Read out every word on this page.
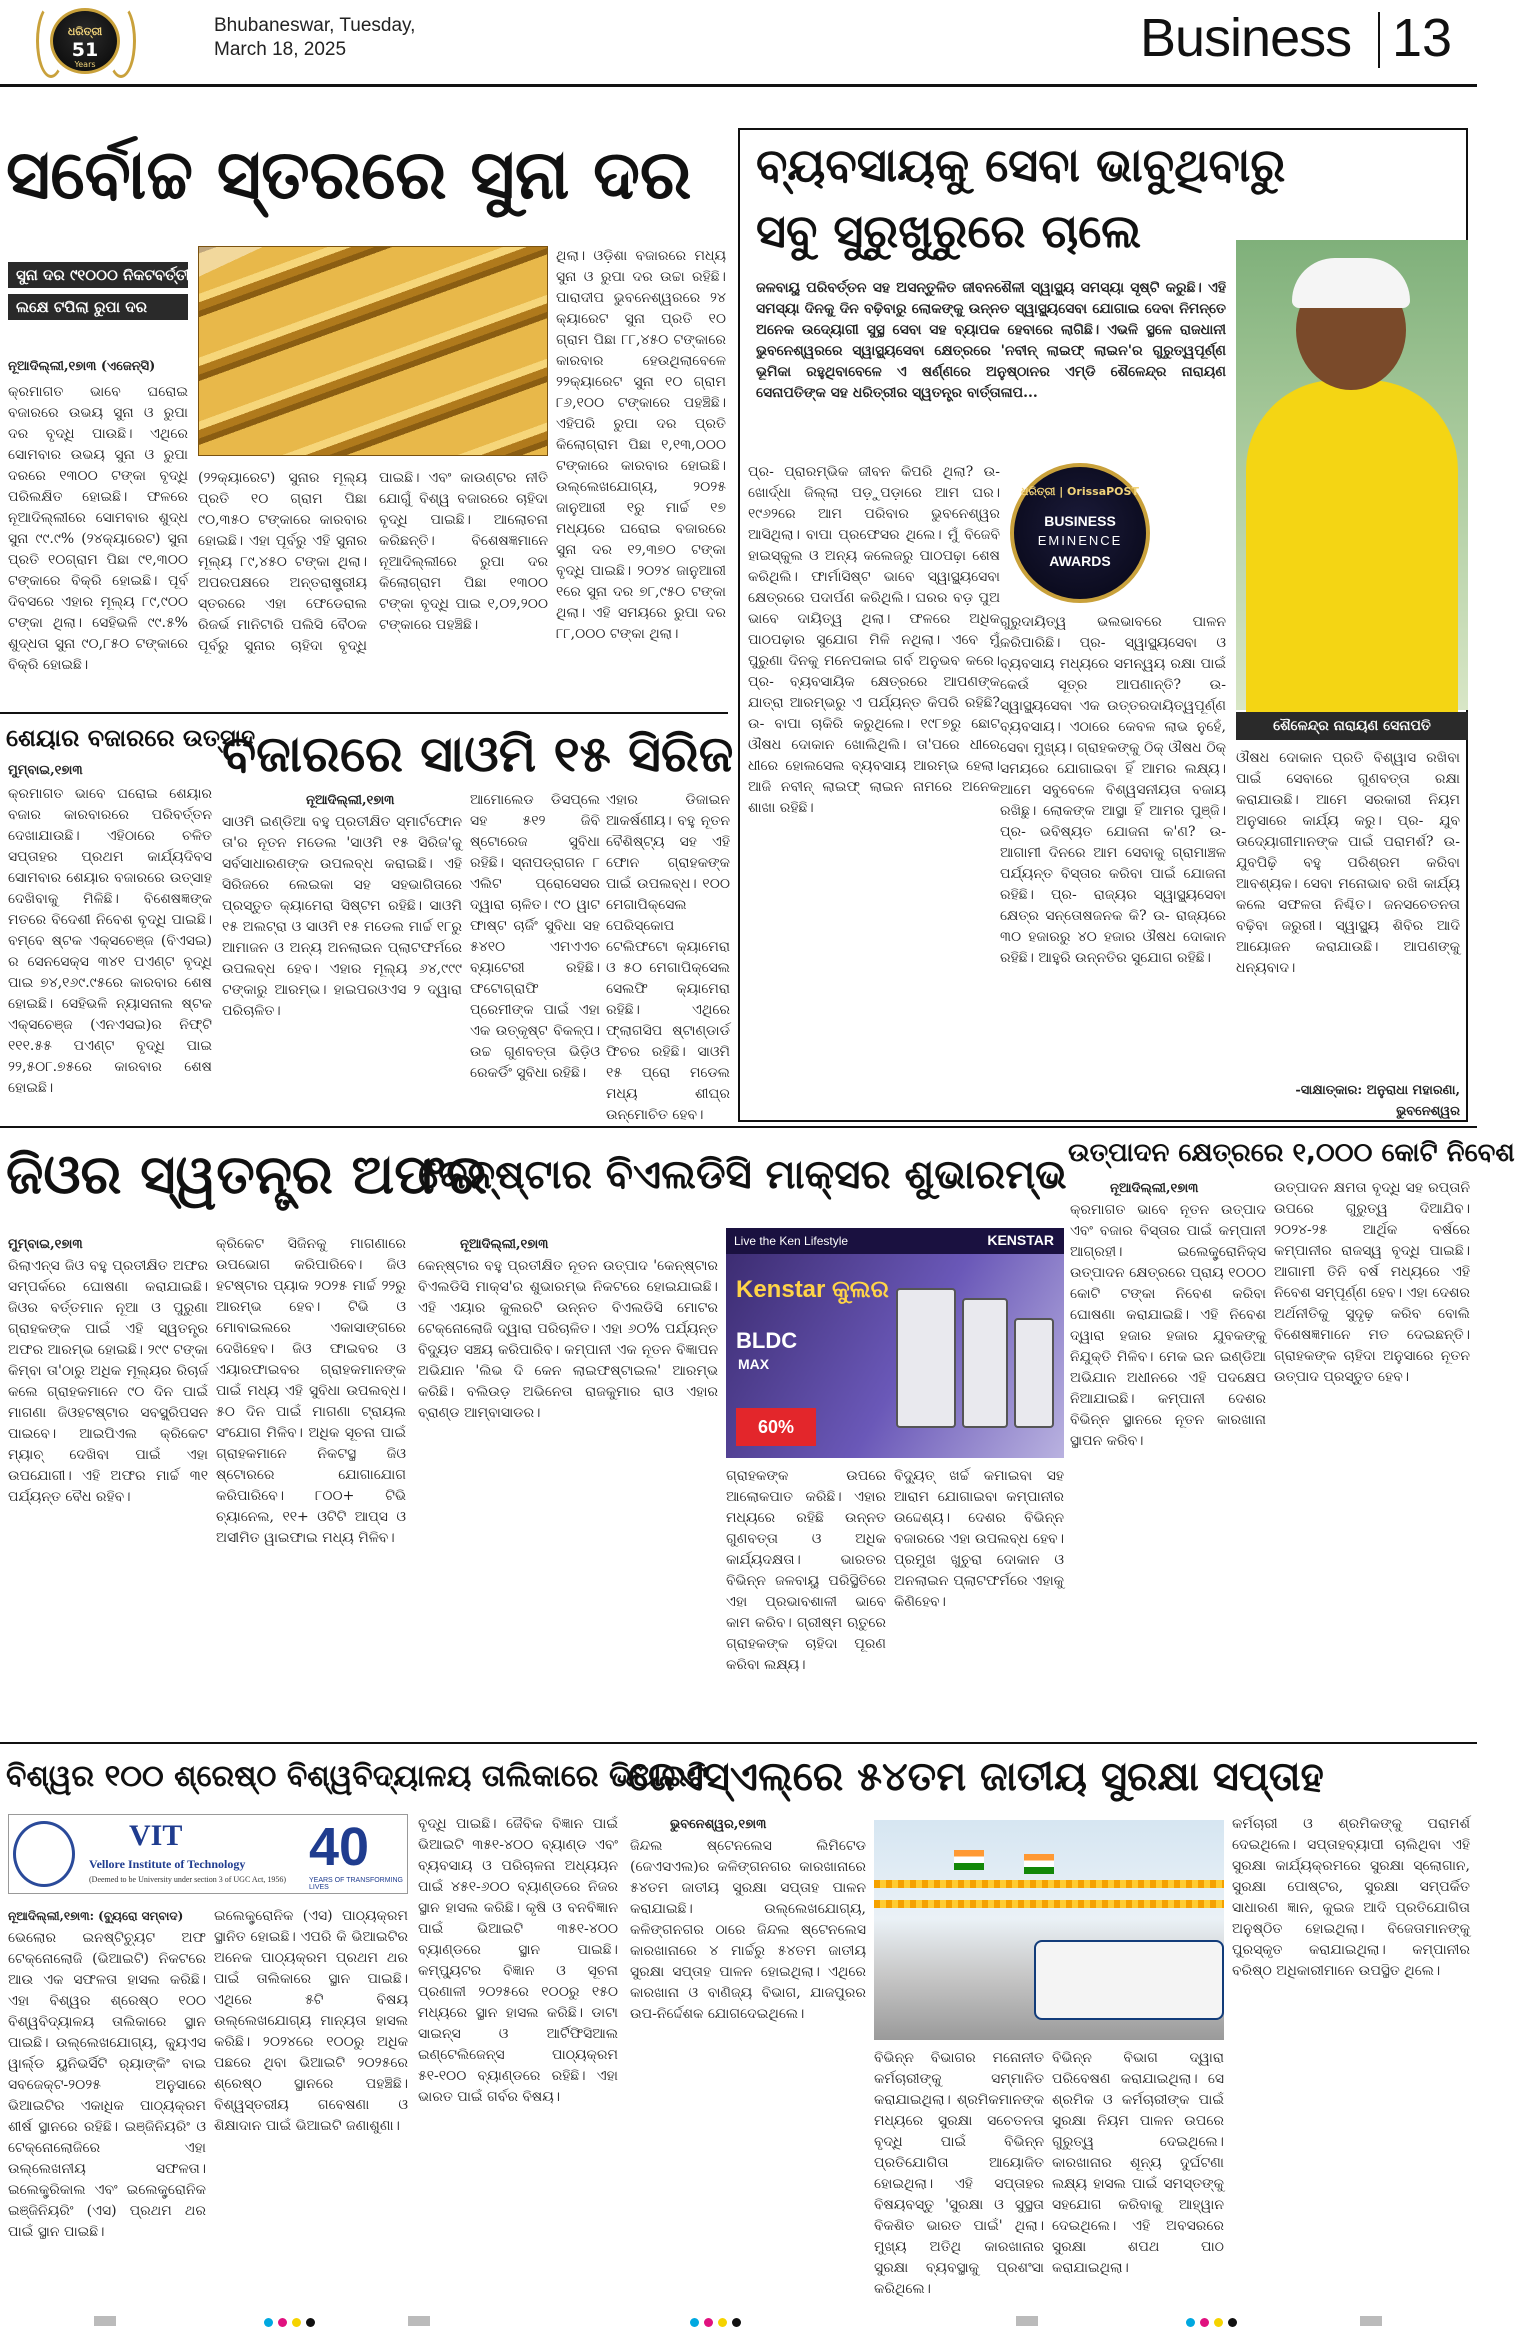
ଧରିତ୍ରୀ
51
Years
Bhubaneswar, Tuesday,
March 18, 2025	Business 13
ସର୍ବୋଚ୍ଚ ସ୍ତରରେ ସୁନା ଦର
ସୁନା ଦର ୯୧୦୦୦ ନିକଟବର୍ତ୍ତୀ
ଲକ୍ଷେ ଟପିଲା ରୁପା ଦର
ନୂଆଦିଲ୍ଲୀ,୧୭ା୩ (ଏଜେନ୍ସି)
କ୍ରମାଗତ ଭାବେ ଘରୋଇ ବଜାରରେ ଉଭୟ ସୁନା ଓ ରୁପା ଦର ବୃଦ୍ଧି ପାଉଛି। ଏଥିରେ ସୋମବାର ଉଭୟ ସୁନା ଓ ରୁପା ଦରରେ ୧୩୦୦ ଟଙ୍କା ବୃଦ୍ଧି ପରିଲକ୍ଷିତ ହୋଇଛି। ଫଳରେ ନୂଆଦିଲ୍ଲୀରେ ସୋମବାର ଶୁଦ୍ଧ ସୁନା ୯୯.୯% (୨୪କ୍ୟାରେଟ) ସୁନା ପ୍ରତି ୧୦ଗ୍ରାମ ପିଛା ୯୧,୩୦୦ ଟଙ୍କାରେ ବିକ୍ରି ହୋଇଛି। ପୂର୍ବ ଦିବସରେ ଏହାର ମୂଲ୍ୟ ୮୯,୯୦୦ ଟଙ୍କା ଥିଲା। ସେହିଭଳି ୯୯.୫% ଶୁଦ୍ଧତା ସୁନା ୯୦,୮୫୦ ଟଙ୍କାରେ ବିକ୍ରି ହୋଇଛି।
(୨୨କ୍ୟାରେଟ) ସୁନାର ମୂଲ୍ୟ ପ୍ରତି ୧୦ ଗ୍ରାମ ପିଛା ୯୦,୩୫୦ ଟଙ୍କାରେ କାରବାର ହୋଇଛି। ଏହା ପୂର୍ବରୁ ଏହି ସୁନାର ମୂଲ୍ୟ ୮୯,୪୫୦ ଟଙ୍କା ଥିଲା। ଅପରପକ୍ଷରେ ଅନ୍ତରାଷ୍ଟ୍ରୀୟ ସ୍ତରରେ ଏହା ଫେଡେରାଲ ରିଜର୍ଭ ମାନିଟାରି ପଲିସି ବୈଠକ ପୂର୍ବରୁ ସୁନାର ଚାହିଦା ବୃଦ୍ଧି ପାଇଛି। ଏବଂ କାଉଣ୍ଟର ନୀତି ଯୋଗୁଁ ବିଶ୍ୱ ବଜାରରେ ଚାହିଦା ବୃଦ୍ଧି ପାଇଛି। ଆଲୋଚନା କରିଛନ୍ତି। ବିଶେଷଜ୍ଞମାନେ ନୂଆଦିଲ୍ଲୀରେ ରୁପା ଦର କିଲୋଗ୍ରାମ ପିଛା ୧୩୦୦ ଟଙ୍କା ବୃଦ୍ଧି ପାଇ ୧,୦୨,୨୦୦ ଟଙ୍କାରେ ପହଞ୍ଚିଛି।
ଥିଲା। ଓଡ଼ିଶା ବଜାରରେ ମଧ୍ୟ ସୁନା ଓ ରୁପା ଦର ଉଚ୍ଚା ରହିଛି। ପାରାଦୀପ ଭୁବନେଶ୍ୱରରେ ୨୪ କ୍ୟାରେଟ ସୁନା ପ୍ରତି ୧୦ ଗ୍ରାମ ପିଛା ୮୮,୪୫୦ ଟଙ୍କାରେ କାରବାର ହେଉଥିଲାବେଳେ ୨୨କ୍ୟାରେଟ ସୁନା ୧୦ ଗ୍ରାମ ୮୬,୧୦୦ ଟଙ୍କାରେ ପହଞ୍ଚିଛି। ଏହିପରି ରୁପା ଦର ପ୍ରତି କିଲୋଗ୍ରାମ ପିଛା ୧,୧୩,୦୦୦ ଟଙ୍କାରେ କାରବାର ହୋଇଛି। ଉଲ୍ଲେଖଯୋଗ୍ୟ, ୨୦୨୫ ଜାନୁଆରୀ ୧ରୁ ମାର୍ଚ୍ଚ ୧୭ ମଧ୍ୟରେ ଘରୋଇ ବଜାରରେ ସୁନା ଦର ୧୨,୩୭୦ ଟଙ୍କା ବୃଦ୍ଧି ପାଇଛି। ୨୦୨୪ ଜାନୁଆରୀ ୧ରେ ସୁନା ଦର ୭୮,୯୫୦ ଟଙ୍କା ଥିଲା। ଏହି ସମୟରେ ରୁପା ଦର ୮୮,୦୦୦ ଟଙ୍କା ଥିଲା।
ବ୍ୟବସାୟକୁ ସେବା ଭାବୁଥିବାରୁ
ସବୁ ସୁରୁଖୁରୁରେ ଚାଲେ
ଜଳବାୟୁ ପରିବର୍ତ୍ତନ ସହ ଅସନ୍ତୁଳିତ ଜୀବନଶୈଳୀ ସ୍ୱାସ୍ଥ୍ୟ ସମସ୍ୟା ସୃଷ୍ଟି କରୁଛି। ଏହି ସମସ୍ୟା ଦିନକୁ ଦିନ ବଢ଼ିବାରୁ ଲୋକଙ୍କୁ ଉନ୍ନତ ସ୍ୱାସ୍ଥ୍ୟସେବା ଯୋଗାଇ ଦେବା ନିମନ୍ତେ ଅନେକ ଉଦ୍ୟୋଗୀ ସୁସ୍ଥ ସେବା ସହ ବ୍ୟାପକ ହେବାରେ ଲାଗିଛି। ଏଭଳି ସ୍ଥଳେ ରାଜଧାନୀ ଭୁବନେଶ୍ୱରରେ ସ୍ୱାସ୍ଥ୍ୟସେବା କ୍ଷେତ୍ରରେ 'ନବୀନ୍ ଲାଇଫ୍ ଲାଇନ'ର ଗୁରୁତ୍ୱପୂର୍ଣ୍ଣ ଭୂମିକା ରହୁଥିବାବେଳେ ଏ ଷର୍ଣ୍ଣରେ ଅନୁଷ୍ଠାନର ଏମ୍‌ଡି ଶୈଳେନ୍ଦ୍ର ନାରାୟଣ ସେନାପତିଙ୍କ ସହ ଧରିତ୍ରୀର ସ୍ୱତନ୍ତ୍ର ବାର୍ତ୍ତାଳାପ...
ଶୈଳେନ୍ଦ୍ର ନାରାୟଣ ସେନାପତି
ଧରିତ୍ରୀ | OrissaPOST
BUSINESS
EMINENCE
AWARDS
ପ୍ର- ପ୍ରାରମ୍ଭିକ ଜୀବନ କିପରି ଥିଲା? ଉ- ଖୋର୍ଦ୍ଧା ଜିଲ୍ଲା ପଡ଼ୁପଡ଼ାରେ ଆମ ଘର। ୧୯୬୨ରେ ଆମ ପରିବାର ଭୁବନେଶ୍ୱର ଆସିଥିଲା। ବାପା ପ୍ରଫେସର ଥିଲେ। ମୁଁ ବିଜେବି ହାଇସ୍କୁଲ ଓ ଅନ୍ୟ କଲେଜରୁ ପାଠପଢ଼ା ଶେଷ କରିଥିଲି। ଫାର୍ମାସିଷ୍ଟ ଭାବେ ସ୍ୱାସ୍ଥ୍ୟସେବା କ୍ଷେତ୍ରରେ ପଦାର୍ପଣ କରିଥିଲି। ଘରର ବଡ଼ ପୁଅ ଭାବେ ଦାୟିତ୍ୱ ଥିଲା। ଫଳରେ ଅଧିକ ପାଠପଢ଼ାର ସୁଯୋଗ ମିଳି ନଥିଲା। ଏବେ ମୁଁ ପୁରୁଣା ଦିନକୁ ମନେପକାଇ ଗର୍ବ ଅନୁଭବ କରେ। ପ୍ର- ବ୍ୟବସାୟିକ କ୍ଷେତ୍ରରେ ଆପଣଙ୍କ ଯାତ୍ରା ଆରମ୍ଭରୁ ଏ ପର୍ଯ୍ୟନ୍ତ କିପରି ରହିଛି? ଉ- ବାପା ଚାକିରି କରୁଥିଲେ। ୧୯୮୭ରୁ ଛୋଟ ଔଷଧ ଦୋକାନ ଖୋଲିଥିଲି। ତା'ପରେ ଧୀରେ ଧୀରେ ହୋଲସେଲ ବ୍ୟବସାୟ ଆରମ୍ଭ ହେଲା। ଆଜି ନବୀନ୍ ଲାଇଫ୍ ଲାଇନ ନାମରେ ଅନେକ ଶାଖା ରହିଛି।
ଗୁରୁଦାୟିତ୍ୱ ଭଲଭାବରେ ପାଳନ କରିପାରିଛି। ପ୍ର- ସ୍ୱାସ୍ଥ୍ୟସେବା ଓ ବ୍ୟବସାୟ ମଧ୍ୟରେ ସମନ୍ୱୟ ରକ୍ଷା ପାଇଁ କେଉଁ ସୂତ୍ର ଆପଣାନ୍ତି? ଉ- ସ୍ୱାସ୍ଥ୍ୟସେବା ଏକ ଉତ୍ତରଦାୟିତ୍ୱପୂର୍ଣ୍ଣ ବ୍ୟବସାୟ। ଏଠାରେ କେବଳ ଲାଭ ନୁହେଁ, ସେବା ମୁଖ୍ୟ। ଗ୍ରାହକଙ୍କୁ ଠିକ୍ ଔଷଧ ଠିକ୍ ସମୟରେ ଯୋଗାଇବା ହିଁ ଆମର ଲକ୍ଷ୍ୟ। ଆମେ ସବୁବେଳେ ବିଶ୍ୱସନୀୟତା ବଜାୟ ରଖିଛୁ। ଲୋକଙ୍କ ଆସ୍ଥା ହିଁ ଆମର ପୁଞ୍ଜି। ପ୍ର- ଭବିଷ୍ୟତ ଯୋଜନା କ'ଣ? ଉ- ଆଗାମୀ ଦିନରେ ଆମ ସେବାକୁ ଗ୍ରାମାଞ୍ଚଳ ପର୍ଯ୍ୟନ୍ତ ବିସ୍ତାର କରିବା ପାଇଁ ଯୋଜନା ରହିଛି। ପ୍ର- ରାଜ୍ୟର ସ୍ୱାସ୍ଥ୍ୟସେବା କ୍ଷେତ୍ର ସନ୍ତୋଷଜନକ କି? ଉ- ରାଜ୍ୟରେ ୩୦ ହଜାରରୁ ୪୦ ହଜାର ଔଷଧ ଦୋକାନ ରହିଛି। ଆହୁରି ଉନ୍ନତିର ସୁଯୋଗ ରହିଛି।
ଔଷଧ ଦୋକାନ ପ୍ରତି ବିଶ୍ୱାସ ରଖିବା ପାଇଁ ସେବାରେ ଗୁଣବତ୍ତା ରକ୍ଷା କରାଯାଉଛି। ଆମେ ସରକାରୀ ନିୟମ ଅନୁସାରେ କାର୍ଯ୍ୟ କରୁ। ପ୍ର- ଯୁବ ଉଦ୍ୟୋଗୀମାନଙ୍କ ପାଇଁ ପରାମର୍ଶ? ଉ- ଯୁବପିଢ଼ି ବହୁ ପରିଶ୍ରମ କରିବା ଆବଶ୍ୟକ। ସେବା ମନୋଭାବ ରଖି କାର୍ଯ୍ୟ କଲେ ସଫଳତା ନିଶ୍ଚିତ। ଜନସଚେତନତା ବଢ଼ିବା ଜରୁରୀ। ସ୍ୱାସ୍ଥ୍ୟ ଶିବିର ଆଦି ଆୟୋଜନ କରାଯାଉଛି। ଆପଣଙ୍କୁ ଧନ୍ୟବାଦ।
-ସାକ୍ଷାତ୍‌କାର: ଅନୁରାଧା ମହାରଣା, ଭୁବନେଶ୍ୱର
ଶେୟାର ବଜାରରେ ଉତ୍ସାହ
ମୁମ୍ବାଇ,୧୭ା୩
କ୍ରମାଗତ ଭାବେ ଘରୋଇ ଶେୟାର ବଜାର କାରବାରରେ ପରିବର୍ତ୍ତନ ଦେଖାଯାଉଛି। ଏହିଠାରେ ଚଳିତ ସପ୍ତାହର ପ୍ରଥମ କାର୍ଯ୍ୟଦିବସ ସୋମବାର ଶେୟାର ବଜାରରେ ଉତ୍ସାହ ଦେଖିବାକୁ ମିଳିଛି। ବିଶେଷଜ୍ଞଙ୍କ ମତରେ ବିଦେଶୀ ନିବେଶ ବୃଦ୍ଧି ପାଇଛି। ବମ୍ବେ ଷ୍ଟକ ଏକ୍ସଚେଞ୍ଜ (ବିଏସଇ) ର ସେନସେକ୍ସ ୩୪୧ ପଏଣ୍ଟ ବୃଦ୍ଧି ପାଇ ୭୪,୧୬୯.୯୫ରେ କାରବାର ଶେଷ ହୋଇଛି। ସେହିଭଳି ନ୍ୟାସନାଲ ଷ୍ଟକ ଏକ୍ସଚେଞ୍ଜ (ଏନଏସଇ)ର ନିଫ୍ଟି ୧୧୧.୫୫ ପଏଣ୍ଟ ବୃଦ୍ଧି ପାଇ ୨୨,୫୦୮.୭୫ରେ କାରବାର ଶେଷ ହୋଇଛି।
ବଜାରରେ ସାଓମି ୧୫ ସିରିଜ
ନୂଆଦିଲ୍ଲୀ,୧୭ା୩
ସାଓମି ଇଣ୍ଡିଆ ବହୁ ପ୍ରତୀକ୍ଷିତ ସ୍ମାର୍ଟଫୋନ ତା'ର ନୂତନ ମଡେଲ 'ସାଓମି ୧୫ ସିରିଜ'କୁ ସର୍ବସାଧାରଣଙ୍କ ଉପଲବ୍ଧ କରାଇଛି। ଏହି ସିରିଜରେ ଲେଇକା ସହ ସହଭାଗିତାରେ ପ୍ରସ୍ତୁତ କ୍ୟାମେରା ସିଷ୍ଟମ ରହିଛି। ସାଓମି ୧୫ ଅଲଟ୍ରା ଓ ସାଓମି ୧୫ ମଡେଲ ମାର୍ଚ୍ଚ ୧୮ରୁ ଆମାଜନ ଓ ଅନ୍ୟ ଅନଲାଇନ ପ୍ଲାଟଫର୍ମରେ ଉପଲବ୍ଧ ହେବ। ଏହାର ମୂଲ୍ୟ ୬୪,୯୯୯ ଟଙ୍କାରୁ ଆରମ୍ଭ। ହାଇପରଓଏସ ୨ ଦ୍ୱାରା ପରିଚାଳିତ।
ଆମୋଲେଡ ଡିସପ୍ଲେ ସହ ୫୧୨ ଜିବି ଷ୍ଟୋରେଜ ସୁବିଧା ରହିଛି। ସ୍ନାପଡ୍ରାଗନ ୮ ଏଲିଟ ପ୍ରୋସେସର ଦ୍ୱାରା ଚାଳିତ। ୯୦ ୱାଟ ଫାଷ୍ଟ ଚାର୍ଜିଂ ସୁବିଧା ସହ ୫୪୧୦ ଏମଏଏଚ ବ୍ୟାଟେରୀ ରହିଛି। ଫଟୋଗ୍ରାଫି ପ୍ରେମୀଙ୍କ ପାଇଁ ଏହା ଏକ ଉତ୍କୃଷ୍ଟ ବିକଳ୍ପ। ଉଚ୍ଚ ଗୁଣବତ୍ତା ଭିଡ଼ିଓ ରେକର୍ଡିଂ ସୁବିଧା ରହିଛି।
ଏହାର ଡିଜାଇନ ଆକର୍ଷଣୀୟ। ବହୁ ନୂତନ ବୈଶିଷ୍ଟ୍ୟ ସହ ଏହି ଫୋନ ଗ୍ରାହକଙ୍କ ପାଇଁ ଉପଲବ୍ଧ। ୧୦୦ ମେଗାପିକ୍ସେଲ ପେରିସ୍କୋପ ଟେଲିଫଟୋ କ୍ୟାମେରା ଓ ୫୦ ମେଗାପିକ୍ସେଲ ସେଲଫି କ୍ୟାମେରା ରହିଛି। ଏଥିରେ ଫ୍ଲାଗସିପ ଷ୍ଟାଣ୍ଡାର୍ଡ ଫିଚର ରହିଛି। ସାଓମି ୧୫ ପ୍ରୋ ମଡେଲ ମଧ୍ୟ ଶୀଘ୍ର ଉନ୍ମୋଚିତ ହେବ।
ଜିଓର ସ୍ୱତନ୍ତ୍ର ଅଫର
ମୁମ୍ବାଇ,୧୭ା୩
ରିଲାଏନ୍ସ ଜିଓ ବହୁ ପ୍ରତୀକ୍ଷିତ ଅଫର ସମ୍ପର୍କରେ ଘୋଷଣା କରାଯାଇଛି। ଜିଓର ବର୍ତ୍ତମାନ ନୂଆ ଓ ପୁରୁଣା ଗ୍ରାହକଙ୍କ ପାଇଁ ଏହି ସ୍ୱତନ୍ତ୍ର ଅଫର ଆରମ୍ଭ ହୋଇଛି। ୨୯୯ ଟଙ୍କା କିମ୍ବା ତା'ଠାରୁ ଅଧିକ ମୂଲ୍ୟର ରିଚାର୍ଜ କଲେ ଗ୍ରାହକମାନେ ୯୦ ଦିନ ପାଇଁ ମାଗଣା ଜିଓହଟଷ୍ଟାର ସବସ୍କ୍ରିପସନ ପାଇବେ। ଆଇପିଏଲ କ୍ରିକେଟ ମ୍ୟାଚ୍ ଦେଖିବା ପାଇଁ ଏହା ଉପଯୋଗୀ। ଏହି ଅଫର ମାର୍ଚ୍ଚ ୩୧ ପର୍ଯ୍ୟନ୍ତ ବୈଧ ରହିବ।
କ୍ରିକେଟ ସିଜିନକୁ ମାଗଣାରେ ଉପଭୋଗ କରିପାରିବେ। ଜିଓ ହଟଷ୍ଟାର ପ୍ୟାକ ୨୦୨୫ ମାର୍ଚ୍ଚ ୨୨ରୁ ଆରମ୍ଭ ହେବ। ଟିଭି ଓ ମୋବାଇଲରେ ଏକାସାଙ୍ଗରେ ଦେଖିହେବ। ଜିଓ ଫାଇବର ଓ ଏୟାରଫାଇବର ଗ୍ରାହକମାନଙ୍କ ପାଇଁ ମଧ୍ୟ ଏହି ସୁବିଧା ଉପଲବ୍ଧ। ୫୦ ଦିନ ପାଇଁ ମାଗଣା ଟ୍ରାୟଲ ସଂଯୋଗ ମିଳିବ। ଅଧିକ ସୂଚନା ପାଇଁ ଗ୍ରାହକମାନେ ନିକଟସ୍ଥ ଜିଓ ଷ୍ଟୋରରେ ଯୋଗାଯୋଗ କରିପାରିବେ। ୮୦୦+ ଟିଭି ଚ୍ୟାନେଲ, ୧୧+ ଓଟିଟି ଆପ୍ସ ଓ ଅସୀମିତ ୱାଇଫାଇ ମଧ୍ୟ ମିଳିବ।
କେନ୍‌ଷ୍ଟାର ବିଏଲଡିସି ମାକ୍ସର ଶୁଭାରମ୍ଭ
ନୂଆଦିଲ୍ଲୀ,୧୭ା୩
କେନ୍‌ଷ୍ଟାର ବହୁ ପ୍ରତୀକ୍ଷିତ ନୂତନ ଉତ୍ପାଦ 'କେନ୍‌ଷ୍ଟାର ବିଏଲଡିସି ମାକ୍ସ'ର ଶୁଭାରମ୍ଭ ନିକଟରେ ହୋଇଯାଇଛି। ଏହି ଏୟାର କୁଲରଟି ଉନ୍ନତ ବିଏଲଡିସି ମୋଟର ଟେକ୍ନୋଲୋଜି ଦ୍ୱାରା ପରିଚାଳିତ। ଏହା ୬୦% ପର୍ଯ୍ୟନ୍ତ ବିଦ୍ୟୁତ ସଞ୍ଚୟ କରିପାରିବ। କମ୍ପାନୀ ଏକ ନୂତନ ବିଜ୍ଞାପନ ଅଭିଯାନ 'ଲିଭ ଦି କେନ ଲାଇଫଷ୍ଟାଇଲ' ଆରମ୍ଭ କରିଛି। ବଲିଉଡ଼ ଅଭିନେତା ରାଜକୁମାର ରାଓ ଏହାର ବ୍ରାଣ୍ଡ ଆମ୍ବାସାଡର।
Live the Ken Lifestyle	KENSTAR
Kenstar କୁଲର
BLDC
MAX
60%
ଗ୍ରାହକଙ୍କ ଉପରେ ଆଲୋକପାତ କରିଛି। ଏହାର ମଧ୍ୟରେ ରହିଛି ଉନ୍ନତ ଗୁଣବତ୍ତା ଓ ଅଧିକ କାର୍ଯ୍ୟଦକ୍ଷତା। ଭାରତର ବିଭିନ୍ନ ଜଳବାୟୁ ପରିସ୍ଥିତିରେ ଏହା ପ୍ରଭାବଶାଳୀ ଭାବେ କାମ କରିବ। ଗ୍ରୀଷ୍ମ ଋତୁରେ ଗ୍ରାହକଙ୍କ ଚାହିଦା ପୂରଣ କରିବା ଲକ୍ଷ୍ୟ।
ବିଦ୍ୟୁତ୍ ଖର୍ଚ୍ଚ କମାଇବା ସହ ଆରାମ ଯୋଗାଇବା କମ୍ପାନୀର ଉଦ୍ଦେଶ୍ୟ। ଦେଶର ବିଭିନ୍ନ ବଜାରରେ ଏହା ଉପଲବ୍ଧ ହେବ। ପ୍ରମୁଖ ଖୁଚୁରା ଦୋକାନ ଓ ଅନଲାଇନ ପ୍ଲାଟଫର୍ମରେ ଏହାକୁ କିଣିହେବ।
ଉତ୍ପାଦନ କ୍ଷେତ୍ରରେ ୧,୦୦୦ କୋଟି ନିବେଶ
ନୂଆଦିଲ୍ଲୀ,୧୭ା୩
କ୍ରମାଗତ ଭାବେ ନୂତନ ଉତ୍ପାଦ ଏବଂ ବଜାର ବିସ୍ତାର ପାଇଁ କମ୍ପାନୀ ଆଗ୍ରହୀ। ଇଲେକ୍ଟ୍ରୋନିକ୍ସ ଉତ୍ପାଦନ କ୍ଷେତ୍ରରେ ପ୍ରାୟ ୧୦୦୦ କୋଟି ଟଙ୍କା ନିବେଶ କରିବା ଘୋଷଣା କରାଯାଇଛି। ଏହି ନିବେଶ ଦ୍ୱାରା ହଜାର ହଜାର ଯୁବକଙ୍କୁ ନିଯୁକ୍ତି ମିଳିବ। ମେକ ଇନ ଇଣ୍ଡିଆ ଅଭିଯାନ ଅଧୀନରେ ଏହି ପଦକ୍ଷେପ ନିଆଯାଇଛି। କମ୍ପାନୀ ଦେଶର ବିଭିନ୍ନ ସ୍ଥାନରେ ନୂତନ କାରଖାନା ସ୍ଥାପନ କରିବ।
ଉତ୍ପାଦନ କ୍ଷମତା ବୃଦ୍ଧି ସହ ରପ୍ତାନି ଉପରେ ଗୁରୁତ୍ୱ ଦିଆଯିବ। ୨୦୨୪-୨୫ ଆର୍ଥିକ ବର୍ଷରେ କମ୍ପାନୀର ରାଜସ୍ୱ ବୃଦ୍ଧି ପାଇଛି। ଆଗାମୀ ତିନି ବର୍ଷ ମଧ୍ୟରେ ଏହି ନିବେଶ ସମ୍ପୂର୍ଣ୍ଣ ହେବ। ଏହା ଦେଶର ଅର୍ଥନୀତିକୁ ସୁଦୃଢ଼ କରିବ ବୋଲି ବିଶେଷଜ୍ଞମାନେ ମତ ଦେଇଛନ୍ତି। ଗ୍ରାହକଙ୍କ ଚାହିଦା ଅନୁସାରେ ନୂତନ ଉତ୍ପାଦ ପ୍ରସ୍ତୁତ ହେବ।
ବିଶ୍ୱର ୧୦୦ ଶ୍ରେଷ୍ଠ ବିଶ୍ୱବିଦ୍ୟାଳୟ ତାଲିକାରେ ଭିଆଇଟି
VIT
Vellore Institute of Technology
(Deemed to be University under section 3 of UGC Act, 1956)
40
YEARS OF TRANSFORMING LIVES
ନୂଆଦିଲ୍ଲୀ,୧୭ା୩: (ବ୍ୟୁରୋ ସମ୍ବାଦ)
ଭେଲୋର ଇନଷ୍ଟିଚ୍ୟୁଟ ଅଫ ଟେକ୍ନୋଲୋଜି (ଭିଆଇଟି) ନିକଟରେ ଆଉ ଏକ ସଫଳତା ହାସଲ କରିଛି। ଏହା ବିଶ୍ୱର ଶ୍ରେଷ୍ଠ ୧୦୦ ବିଶ୍ୱବିଦ୍ୟାଳୟ ତାଲିକାରେ ସ୍ଥାନ ପାଇଛି। ଉଲ୍ଲେଖଯୋଗ୍ୟ, କ୍ୟୁଏସ ୱାର୍ଲ୍ଡ ୟୁନିଭର୍ସିଟି ର‍୍ୟାଙ୍କିଂ ବାଇ ସବଜେକ୍ଟ-୨୦୨୫ ଅନୁସାରେ ଭିଆଇଟିର ଏକାଧିକ ପାଠ୍ୟକ୍ରମ ଶୀର୍ଷ ସ୍ଥାନରେ ରହିଛି। ଇଞ୍ଜିନିୟରିଂ ଓ ଟେକ୍ନୋଲୋଜିରେ ଏହା ଉଲ୍ଲେଖନୀୟ ସଫଳତା। ଇଲେକ୍ଟ୍ରିକାଲ ଏବଂ ଇଲେକ୍ଟ୍ରୋନିକ ଇଞ୍ଜିନିୟରିଂ (ଏସ) ପ୍ରଥମ ଥର ପାଇଁ ସ୍ଥାନ ପାଇଛି।
ଇଲେକ୍ଟ୍ରୋନିକ (ଏସ) ପାଠ୍ୟକ୍ରମ ସ୍ଥାନିତ ହୋଇଛି। ଏପରି କି ଭିଆଇଟିର ଅନେକ ପାଠ୍ୟକ୍ରମ ପ୍ରଥମ ଥର ପାଇଁ ତାଲିକାରେ ସ୍ଥାନ ପାଇଛି। ଏଥିରେ ୫ଟି ବିଷୟ ଉଲ୍ଲେଖଯୋଗ୍ୟ ମାନ୍ୟତା ହାସଲ କରିଛି। ୨୦୨୪ରେ ୧୦୦ରୁ ଅଧିକ ପଛରେ ଥିବା ଭିଆଇଟି ୨୦୨୫ରେ ଶ୍ରେଷ୍ଠ ସ୍ଥାନରେ ପହଞ୍ଚିଛି। ବିଶ୍ୱସ୍ତରୀୟ ଗବେଷଣା ଓ ଶିକ୍ଷାଦାନ ପାଇଁ ଭିଆଇଟି ଜଣାଶୁଣା।
ବୃଦ୍ଧି ପାଇଛି। ଜୈବିକ ବିଜ୍ଞାନ ପାଇଁ ଭିଆଇଟି ୩୫୧-୪୦୦ ବ୍ୟାଣ୍ଡ ଏବଂ ବ୍ୟବସାୟ ଓ ପରିଚାଳନା ଅଧ୍ୟୟନ ପାଇଁ ୪୫୧-୬୦୦ ବ୍ୟାଣ୍ଡରେ ନିଜର ସ୍ଥାନ ହାସଲ କରିଛି। କୃଷି ଓ ବନବିଜ୍ଞାନ ପାଇଁ ଭିଆଇଟି ୩୫୧-୪୦୦ ବ୍ୟାଣ୍ଡରେ ସ୍ଥାନ ପାଇଛି। କମ୍ପ୍ୟୁଟର ବିଜ୍ଞାନ ଓ ସୂଚନା ପ୍ରଣାଳୀ ୨୦୨୫ରେ ୧୦୦ରୁ ୧୫୦ ମଧ୍ୟରେ ସ୍ଥାନ ହାସଲ କରିଛି। ଡାଟା ସାଇନ୍ସ ଓ ଆର୍ଟିଫିସିଆଲ ଇଣ୍ଟେଲିଜେନ୍ସ ପାଠ୍ୟକ୍ରମ ୫୧-୧୦୦ ବ୍ୟାଣ୍ଡରେ ରହିଛି। ଏହା ଭାରତ ପାଇଁ ଗର୍ବର ବିଷୟ।
ଜେଏସ୍‌ଏଲ୍‌ରେ ୫୪ତମ ଜାତୀୟ ସୁରକ୍ଷା ସପ୍ତାହ
ଭୁବନେଶ୍ୱର,୧୭ା୩
ଜିନ୍ଦଲ ଷ୍ଟେନଲେସ ଲିମିଟେଡ (ଜେଏସଏଲ)ର କଳିଙ୍ଗନଗର କାରଖାନାରେ ୫୪ତମ ଜାତୀୟ ସୁରକ୍ଷା ସପ୍ତାହ ପାଳନ କରାଯାଇଛି। ଉଲ୍ଲେଖଯୋଗ୍ୟ, କଳିଙ୍ଗନଗର ଠାରେ ଜିନ୍ଦଲ ଷ୍ଟେନଲେସ କାରଖାନାରେ ୪ ମାର୍ଚ୍ଚରୁ ୫୪ତମ ଜାତୀୟ ସୁରକ୍ଷା ସପ୍ତାହ ପାଳନ ହୋଇଥିଲା। ଏଥିରେ କାରଖାନା ଓ ବାଣିଜ୍ୟ ବିଭାଗ, ଯାଜପୁରର ଉପ-ନିର୍ଦ୍ଦେଶକ ଯୋଗଦେଇଥିଲେ।
ବିଭିନ୍ନ ବିଭାଗର ମନୋନୀତ କର୍ମଚାରୀଙ୍କୁ ସମ୍ମାନିତ କରାଯାଇଥିଲା। ଶ୍ରମିକମାନଙ୍କ ମଧ୍ୟରେ ସୁରକ୍ଷା ସଚେତନତା ବୃଦ୍ଧି ପାଇଁ ବିଭିନ୍ନ ପ୍ରତିଯୋଗିତା ଆୟୋଜିତ ହୋଇଥିଲା। ଏହି ସପ୍ତାହର ବିଷୟବସ୍ତୁ 'ସୁରକ୍ଷା ଓ ସୁସ୍ଥତା ବିକଶିତ ଭାରତ ପାଇଁ' ଥିଲା। ମୁଖ୍ୟ ଅତିଥି କାରଖାନାର ସୁରକ୍ଷା ବ୍ୟବସ୍ଥାକୁ ପ୍ରଶଂସା କରିଥିଲେ।
ବିଭିନ୍ନ ବିଭାଗ ଦ୍ୱାରା ପରିବେଷଣ କରାଯାଇଥିଲା। ସେ ଶ୍ରମିକ ଓ କର୍ମଚାରୀଙ୍କ ପାଇଁ ସୁରକ୍ଷା ନିୟମ ପାଳନ ଉପରେ ଗୁରୁତ୍ୱ ଦେଇଥିଲେ। କାରଖାନାର ଶୂନ୍ୟ ଦୁର୍ଘଟଣା ଲକ୍ଷ୍ୟ ହାସଲ ପାଇଁ ସମସ୍ତଙ୍କୁ ସହଯୋଗ କରିବାକୁ ଆହ୍ୱାନ ଦେଇଥିଲେ। ଏହି ଅବସରରେ ସୁରକ୍ଷା ଶପଥ ପାଠ କରାଯାଇଥିଲା।
କର୍ମଚାରୀ ଓ ଶ୍ରମିକଙ୍କୁ ପରାମର୍ଶ ଦେଇଥିଲେ। ସପ୍ତାହବ୍ୟାପୀ ଚାଲିଥିବା ଏହି ସୁରକ୍ଷା କାର୍ଯ୍ୟକ୍ରମରେ ସୁରକ୍ଷା ସ୍ଲୋଗାନ, ସୁରକ୍ଷା ପୋଷ୍ଟର, ସୁରକ୍ଷା ସମ୍ପର୍କିତ ସାଧାରଣ ଜ୍ଞାନ, କୁଇଜ ଆଦି ପ୍ରତିଯୋଗିତା ଅନୁଷ୍ଠିତ ହୋଇଥିଲା। ବିଜେତାମାନଙ୍କୁ ପୁରସ୍କୃତ କରାଯାଇଥିଲା। କମ୍ପାନୀର ବରିଷ୍ଠ ଅଧିକାରୀମାନେ ଉପସ୍ଥିତ ଥିଲେ।
